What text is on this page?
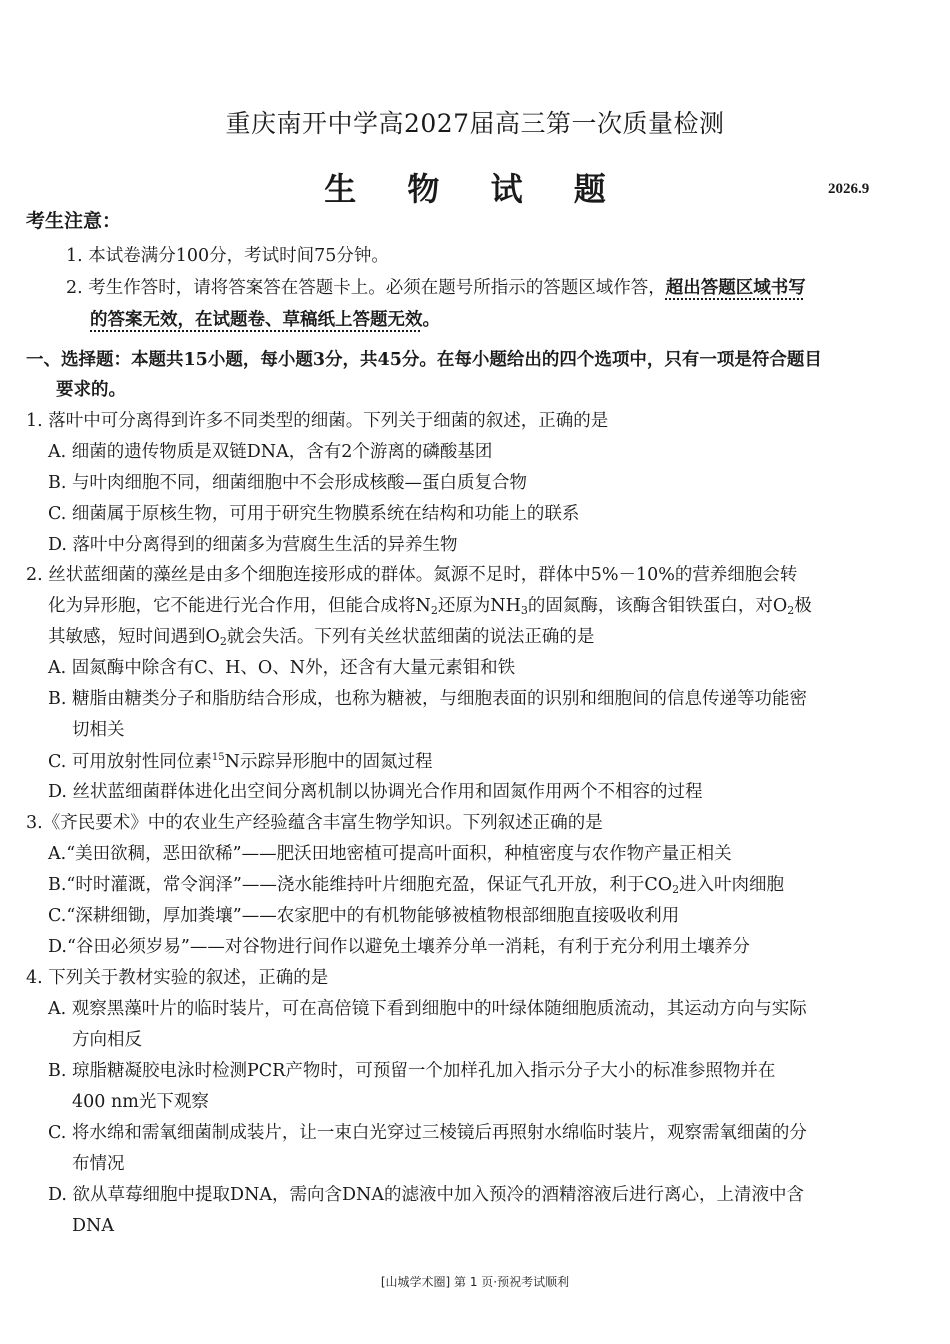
重庆南开中学高2027届高三第一次质量检测
生 物 试 题	2026.9
考生注意：
1. 本试卷满分100分，考试时间75分钟。
2. 考生作答时，请将答案答在答题卡上。必须在题号所指示的答题区域作答，超出答题区域书写
的答案无效，在试题卷、草稿纸上答题无效。
一、选择题：本题共15小题，每小题3分，共45分。在每小题给出的四个选项中，只有一项是符合题目
要求的。
1. 落叶中可分离得到许多不同类型的细菌。下列关于细菌的叙述，正确的是
A. 细菌的遗传物质是双链DNA，含有2个游离的磷酸基团
B. 与叶肉细胞不同，细菌细胞中不会形成核酸—蛋白质复合物
C. 细菌属于原核生物，可用于研究生物膜系统在结构和功能上的联系
D. 落叶中分离得到的细菌多为营腐生生活的异养生物
2. 丝状蓝细菌的藻丝是由多个细胞连接形成的群体。氮源不足时，群体中5%－10%的营养细胞会转
化为异形胞，它不能进行光合作用，但能合成将$N_2$还原为$NH_3$的固氮酶，该酶含钼铁蛋白，对$O_2$极
其敏感，短时间遇到$O_2$就会失活。下列有关丝状蓝细菌的说法正确的是
A. 固氮酶中除含有C、H、O、N外，还含有大量元素钼和铁
B. 糖脂由糖类分子和脂肪结合形成，也称为糖被，与细胞表面的识别和细胞间的信息传递等功能密
切相关
C. 可用放射性同位素$^{15}$N示踪异形胞中的固氮过程
D. 丝状蓝细菌群体进化出空间分离机制以协调光合作用和固氮作用两个不相容的过程
3.《齐民要术》中的农业生产经验蕴含丰富生物学知识。下列叙述正确的是
A.“美田欲稠，恶田欲稀”——肥沃田地密植可提高叶面积，种植密度与农作物产量正相关
B.“时时灌溉，常令润泽”——浇水能维持叶片细胞充盈，保证气孔开放，利于$CO_2$进入叶肉细胞
C.“深耕细锄，厚加粪壤”——农家肥中的有机物能够被植物根部细胞直接吸收利用
D.“谷田必须岁易”——对谷物进行间作以避免土壤养分单一消耗，有利于充分利用土壤养分
4. 下列关于教材实验的叙述，正确的是
A. 观察黑藻叶片的临时装片，可在高倍镜下看到细胞中的叶绿体随细胞质流动，其运动方向与实际
方向相反
B. 琼脂糖凝胶电泳时检测PCR产物时，可预留一个加样孔加入指示分子大小的标准参照物并在
400 nm光下观察
C. 将水绵和需氧细菌制成装片，让一束白光穿过三棱镜后再照射水绵临时装片，观察需氧细菌的分
布情况
D. 欲从草莓细胞中提取DNA，需向含DNA的滤液中加入预冷的酒精溶液后进行离心，上清液中含
DNA
[山城学术圈] 第 1 页·预祝考试顺利
